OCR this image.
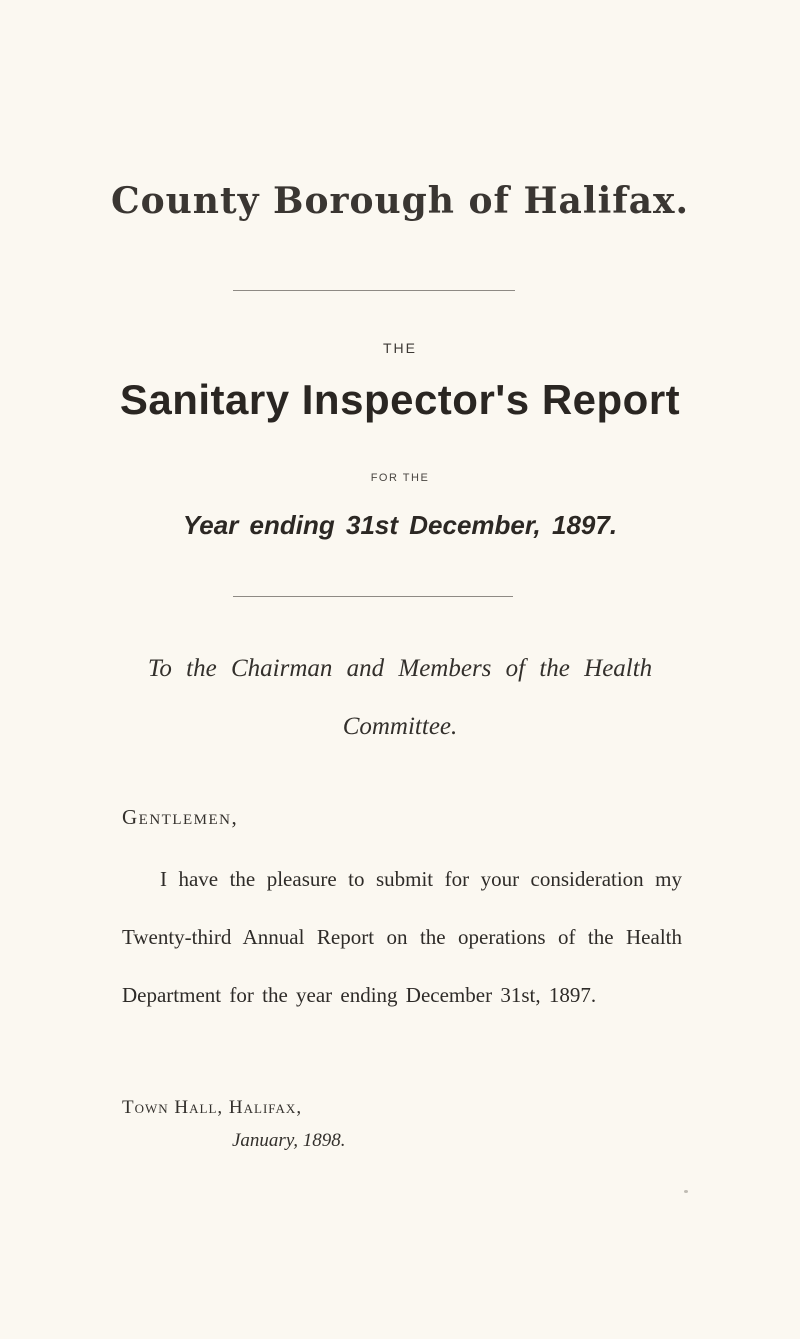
County Borough of Halifax.
THE
Sanitary Inspector's Report
FOR THE
Year ending 31st December, 1897.
To the Chairman and Members of the Health
Committee.
Gentlemen,
I have the pleasure to submit for your consideration my Twenty-third Annual Report on the operations of the Health Department for the year ending December 31st, 1897.
Town Hall, Halifax,
January, 1898.
